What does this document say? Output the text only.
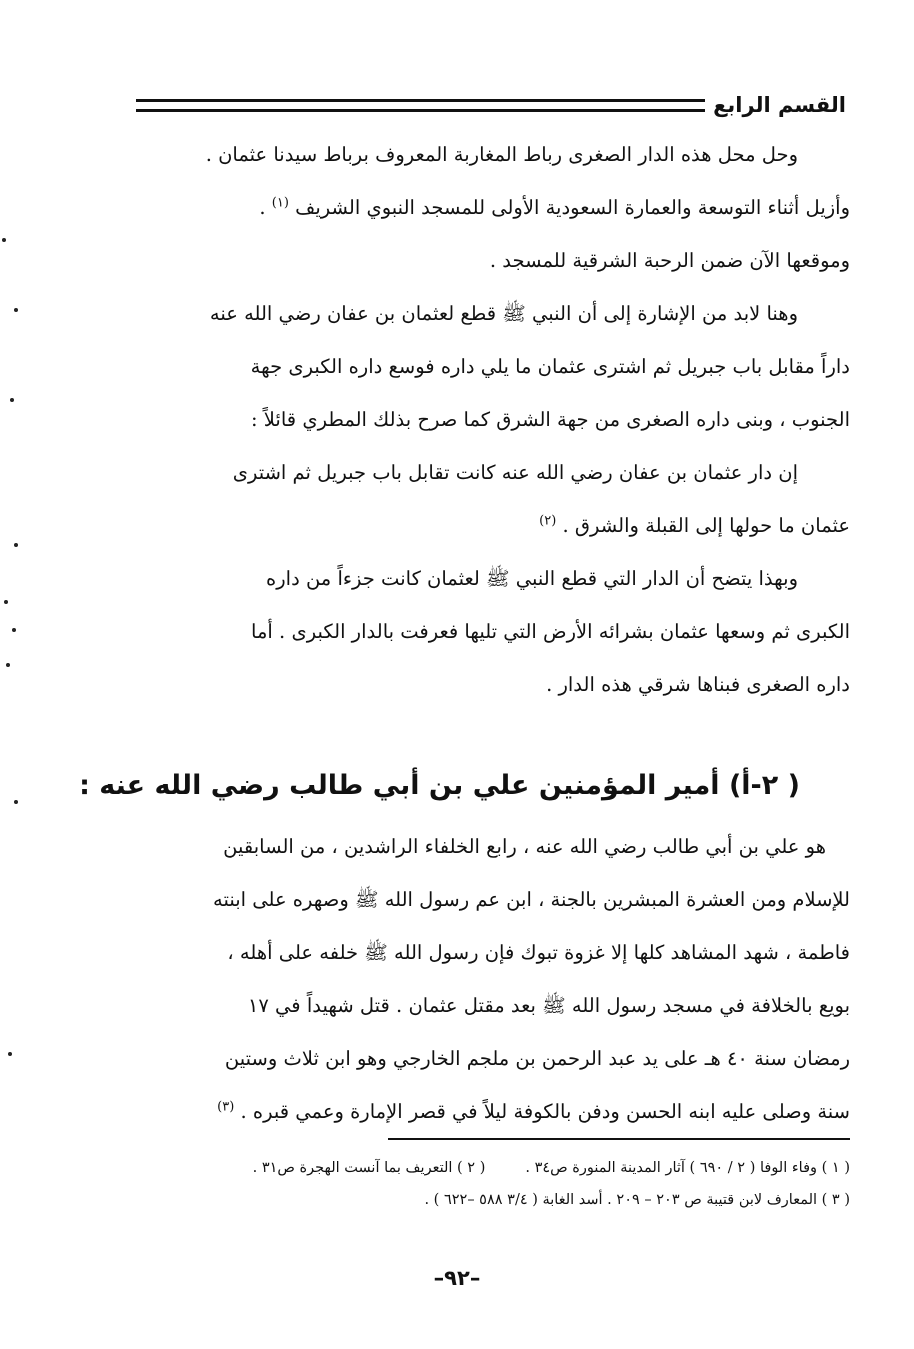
القسم الرابع
وحل محل هذه الدار الصغرى رباط المغاربة المعروف برباط سيدنا عثمان .
وأزيل أثناء التوسعة والعمارة السعودية الأولى للمسجد النبوي الشريف $^{(١)}$ .
وموقعها الآن ضمن الرحبة الشرقية للمسجد .
وهنا لابد من الإشارة إلى أن النبي ﷺ قطع لعثمان بن عفان رضي الله عنه
داراً مقابل باب جبريل ثم اشترى عثمان ما يلي داره فوسع داره الكبرى جهة
الجنوب ، وبنى داره الصغرى من جهة الشرق كما صرح بذلك المطري قائلاً :
إن دار عثمان بن عفان رضي الله عنه كانت تقابل باب جبريل ثم اشترى
عثمان ما حولها إلى القبلة والشرق . $^{(٢)}$
وبهذا يتضح أن الدار التي قطع النبي ﷺ لعثمان كانت جزءاً من داره
الكبرى ثم وسعها عثمان بشرائه الأرض التي تليها فعرفت بالدار الكبرى . أما
داره الصغرى فبناها شرقي هذه الدار .
( ٢-أ) أمير المؤمنين علي بن أبي طالب رضي الله عنه :
هو علي بن أبي طالب رضي الله عنه ، رابع الخلفاء الراشدين ، من السابقين
للإسلام ومن العشرة المبشرين بالجنة ، ابن عم رسول الله ﷺ وصهره على ابنته
فاطمة ، شهد المشاهد كلها إلا غزوة تبوك فإن رسول الله ﷺ خلفه على أهله ،
بويع بالخلافة في مسجد رسول الله ﷺ بعد مقتل عثمان . قتل شهيداً في ١٧
رمضان سنة ٤٠ هـ على يد عبد الرحمن بن ملجم الخارجي وهو ابن ثلاث وستين
سنة وصلى عليه ابنه الحسن ودفن بالكوفة ليلاً في قصر الإمارة وعمي قبره . $^{(٣)}$
( ١ ) وفاء الوفا ( ٢ / ٦٩٠ ) آثار المدينة المنورة ص٣٤ .( ٢ ) التعريف بما آنست الهجرة ص٣١ .
( ٣ ) المعارف لابن قتيبة ص ٢٠٣ – ٢٠٩ . أسد الغابة ( ٣/٤ ٥٨٨ –٦٢٢ ) .
–٩٢–
